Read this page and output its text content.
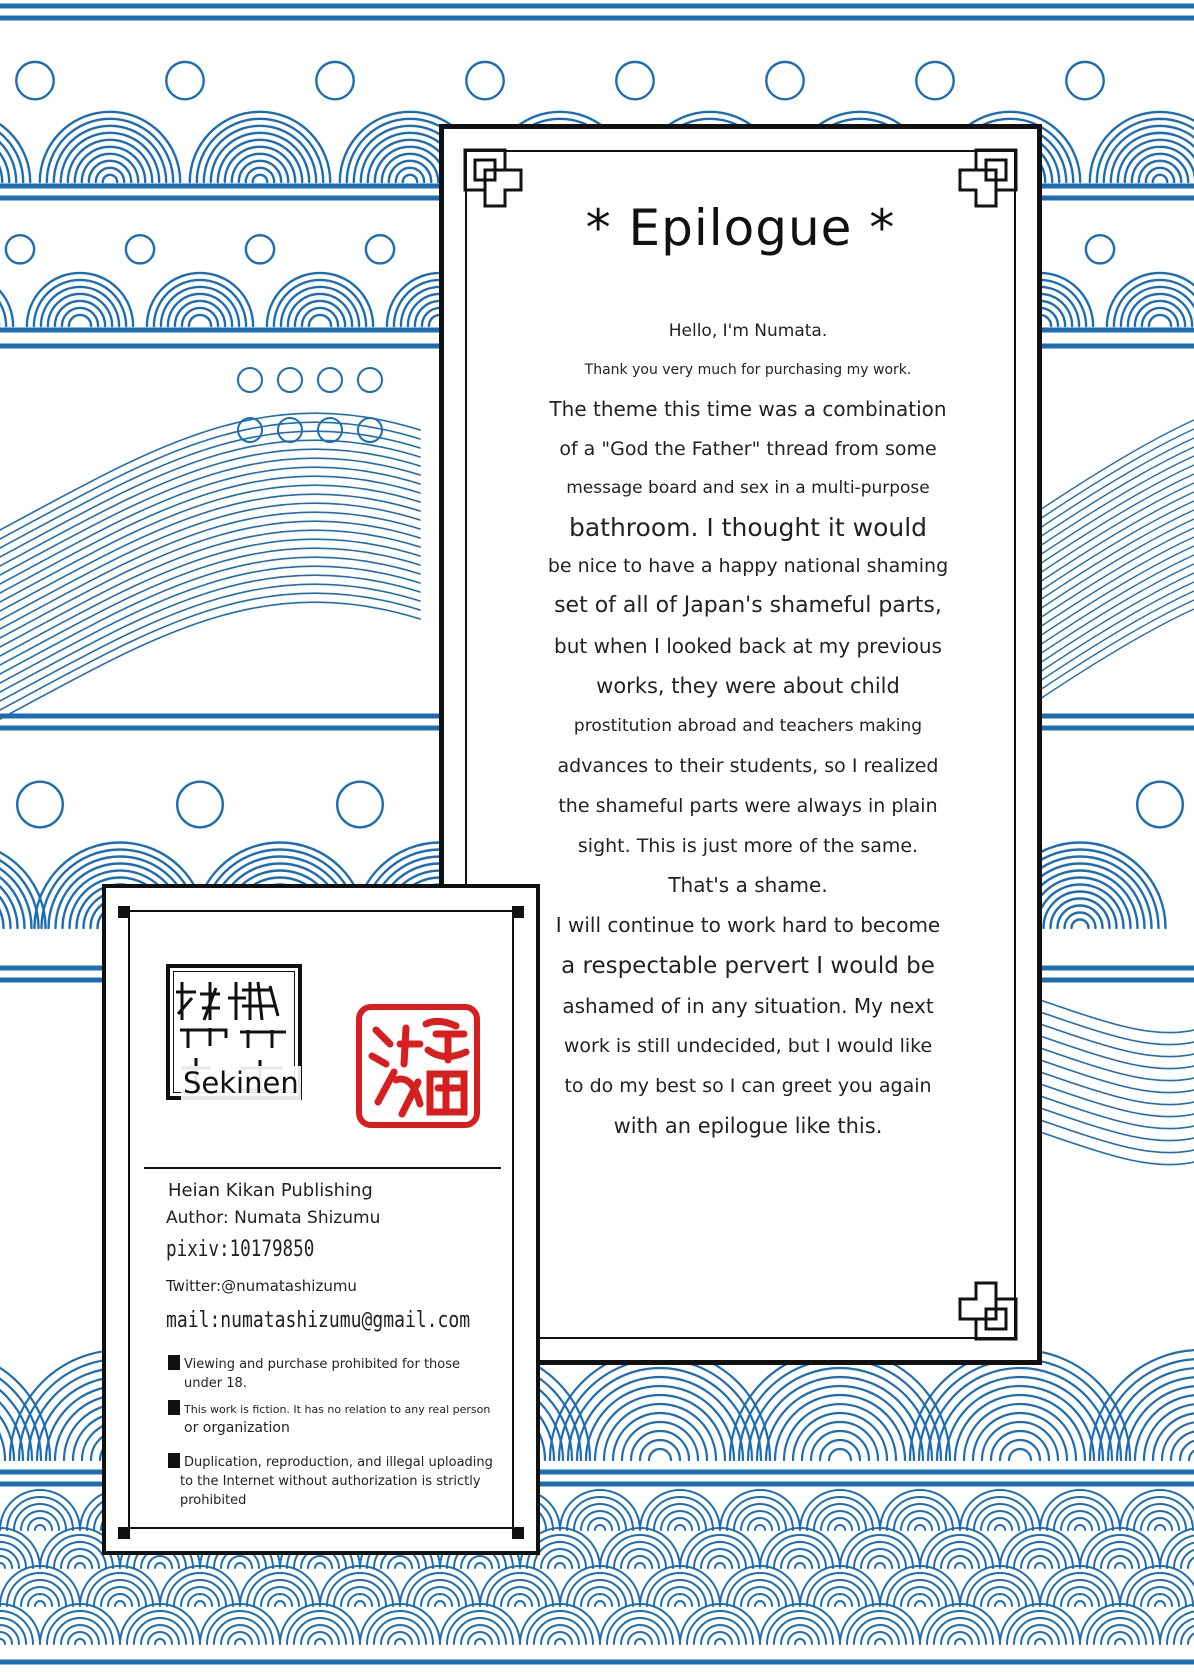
* Epilogue *

Hello, I'm Numata.

Thank you very much for purchasing my work.

The theme this time was a combination

of a "God the Father" thread from some

message board and sex in a multi-purpose

bathroom. I thought it would

be nice to have a happy national shaming

set of all of Japan's shameful parts,

but when I looked back at my previous

works, they were about child

prostitution abroad and teachers making

advances to their students, so I realized

the shameful parts were always in plain

sight. This is just more of the same.

That's a shame.

I will continue to work hard to become

a respectable pervert I would be

ashamed of in any situation. My next

work is still undecided, but I would like

to do my best so I can greet you again

with an epilogue like this.

Sekinen
Heian Kikan Publishing
Author: Numata Shizumu
pixiv:10179850
Twitter:@numatashizumu
mail:numatashizumu@gmail.com
Viewing and purchase prohibited for those
under 18.
This work is fiction. It has no relation to any real person
or organization
Duplication, reproduction, and illegal uploading
to the Internet without authorization is strictly
prohibited
